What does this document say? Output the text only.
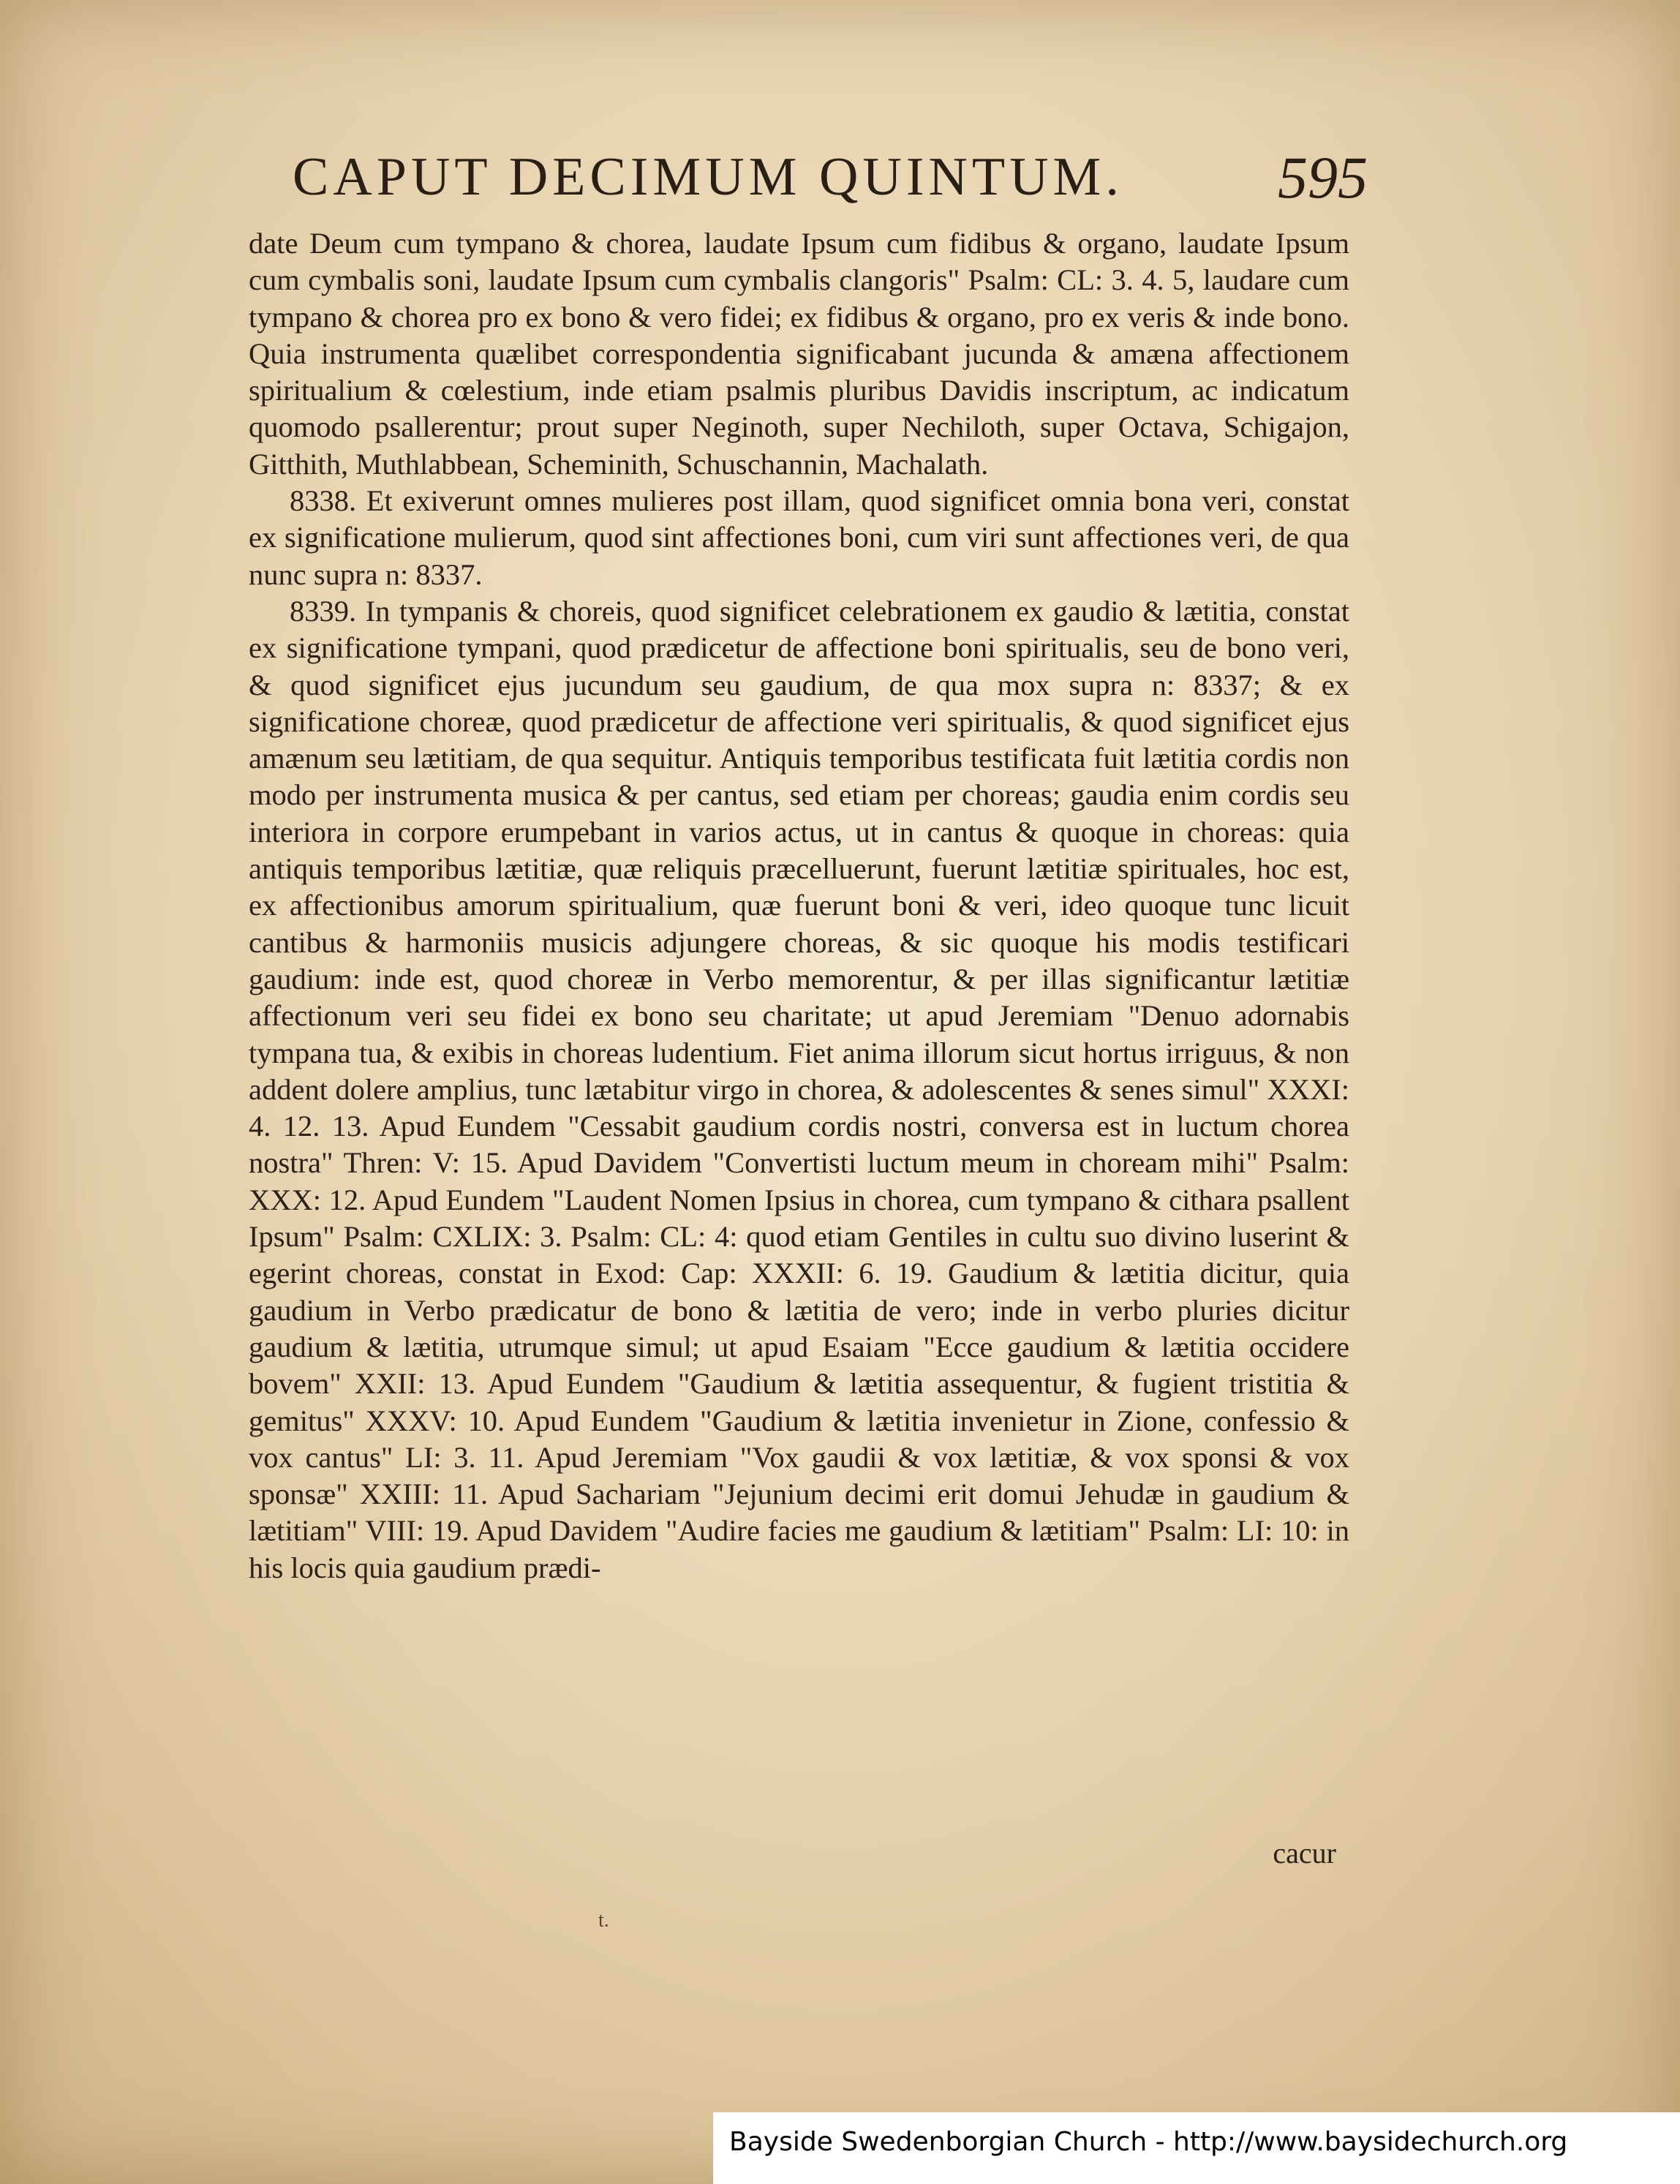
CAPUT DECIMUM QUINTUM.	595

date Deum cum tympano & chorea, laudate Ipsum cum fidibus & organo, laudate Ipsum cum cymbalis soni, laudate Ipsum cum cymbalis clangoris" Psalm: CL: 3. 4. 5, laudare cum tympano & chorea pro ex bono & vero fidei; ex fidibus & organo, pro ex veris & inde bono. Quia instrumenta quælibet correspondentia significabant jucunda & amæna affectionem spiritualium & cœlestium, inde etiam psalmis pluribus Davidis inscriptum, ac indicatum quomodo psallerentur; prout super Neginoth, super Nechiloth, super Octava, Schigajon, Gitthith, Muthlabbean, Scheminith, Schuschannin, Machalath.

8338. Et exiverunt omnes mulieres post illam, quod significet omnia bona veri, constat ex significatione mulierum, quod sint affectiones boni, cum viri sunt affectiones veri, de qua nunc supra n: 8337.

8339. In tympanis & choreis, quod significet celebrationem ex gaudio & lætitia, constat ex significatione tympani, quod prædicetur de affectione boni spiritualis, seu de bono veri, & quod significet ejus jucundum seu gaudium, de qua mox supra n: 8337; & ex significatione choreæ, quod prædicetur de affectione veri spiritualis, & quod significet ejus amænum seu lætitiam, de qua sequitur. Antiquis temporibus testificata fuit lætitia cordis non modo per instrumenta musica & per cantus, sed etiam per choreas; gaudia enim cordis seu interiora in corpore erumpebant in varios actus, ut in cantus & quoque in choreas: quia antiquis temporibus lætitiæ, quæ reliquis præcelluerunt, fuerunt lætitiæ spirituales, hoc est, ex affectionibus amorum spiritualium, quæ fuerunt boni & veri, ideo quoque tunc licuit cantibus & harmoniis musicis adjungere choreas, & sic quoque his modis testificari gaudium: inde est, quod choreæ in Verbo memorentur, & per illas significantur lætitiæ affectionum veri seu fidei ex bono seu charitate; ut apud Jeremiam "Denuo adornabis tympana tua, & exibis in choreas ludentium. Fiet anima illorum sicut hortus irriguus, & non addent dolere amplius, tunc lætabitur virgo in chorea, & adolescentes & senes simul" XXXI: 4. 12. 13. Apud Eundem "Cessabit gaudium cordis nostri, conversa est in luctum chorea nostra" Thren: V: 15. Apud Davidem "Convertisti luctum meum in choream mihi" Psalm: XXX: 12. Apud Eundem "Laudent Nomen Ipsius in chorea, cum tympano & cithara psallent Ipsum" Psalm: CXLIX: 3. Psalm: CL: 4: quod etiam Gentiles in cultu suo divino luserint & egerint choreas, constat in Exod: Cap: XXXII: 6. 19. Gaudium & lætitia dicitur, quia gaudium in Verbo prædicatur de bono & lætitia de vero; inde in verbo pluries dicitur gaudium & lætitia, utrumque simul; ut apud Esaiam "Ecce gaudium & lætitia occidere bovem" XXII: 13. Apud Eundem "Gaudium & lætitia assequentur, & fugient tristitia & gemitus" XXXV: 10. Apud Eundem "Gaudium & lætitia invenietur in Zione, confessio & vox cantus" LI: 3. 11. Apud Jeremiam "Vox gaudii & vox lætitiæ, & vox sponsi & vox sponsæ" XXIII: 11. Apud Sachariam "Jejunium decimi erit domui Jehudæ in gaudium & lætitiam" VIII: 19. Apud Davidem "Audire facies me gaudium & lætitiam" Psalm: LI: 10: in his locis quia gaudium prædi-

cacur
t.
Bayside Swedenborgian Church - http://www.baysidechurch.org
